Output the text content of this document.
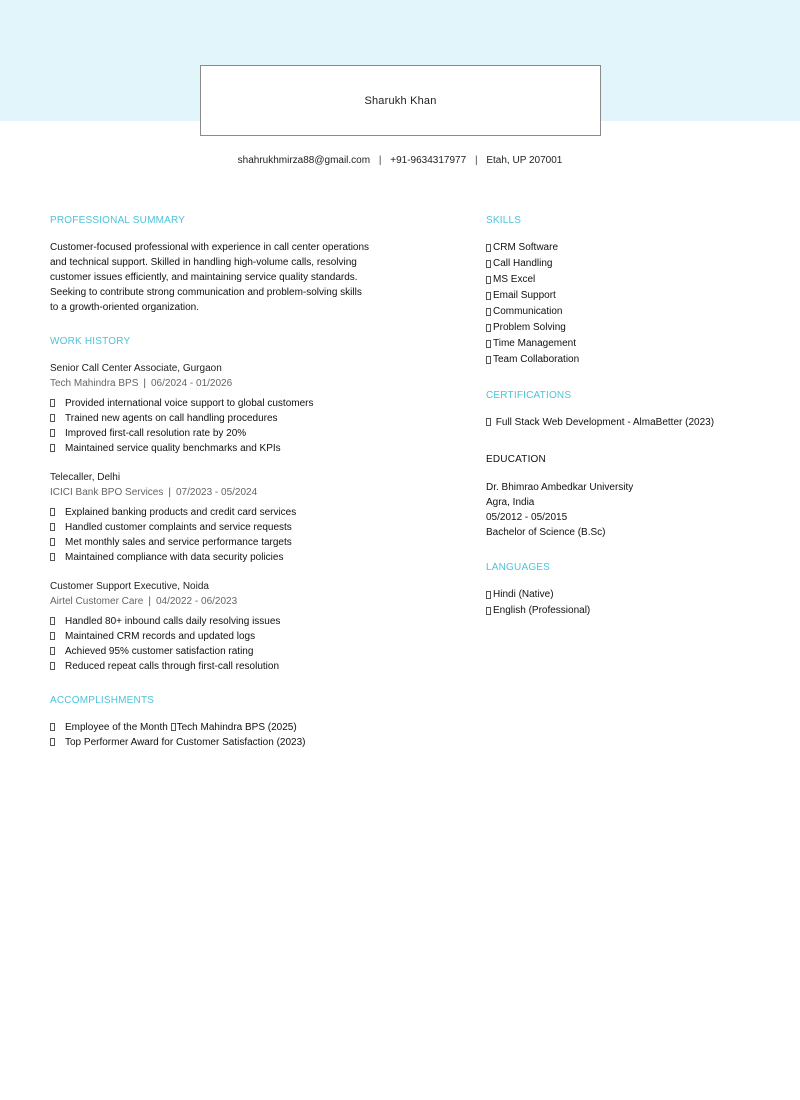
Sharukh Khan
shahrukhmirza88@gmail.com | +91-9634317977 | Etah, UP 207001
PROFESSIONAL SUMMARY
Customer-focused professional with experience in call center operations and technical support. Skilled in handling high-volume calls, resolving customer issues efficiently, and maintaining service quality standards. Seeking to contribute strong communication and problem-solving skills to a growth-oriented organization.
WORK HISTORY
Senior Call Center Associate, Gurgaon
Tech Mahindra BPS | 06/2024 - 01/2026
Provided international voice support to global customers
Trained new agents on call handling procedures
Improved first-call resolution rate by 20%
Maintained service quality benchmarks and KPIs
Telecaller, Delhi
ICICI Bank BPO Services | 07/2023 - 05/2024
Explained banking products and credit card services
Handled customer complaints and service requests
Met monthly sales and service performance targets
Maintained compliance with data security policies
Customer Support Executive, Noida
Airtel Customer Care | 04/2022 - 06/2023
Handled 80+ inbound calls daily resolving issues
Maintained CRM records and updated logs
Achieved 95% customer satisfaction rating
Reduced repeat calls through first-call resolution
ACCOMPLISHMENTS
Employee of the Month Tech Mahindra BPS (2025)
Top Performer Award for Customer Satisfaction (2023)
SKILLS
CRM Software
Call Handling
MS Excel
Email Support
Communication
Problem Solving
Time Management
Team Collaboration
CERTIFICATIONS
Full Stack Web Development - AlmaBetter (2023)
EDUCATION
Dr. Bhimrao Ambedkar University
Agra, India
05/2012 - 05/2015
Bachelor of Science (B.Sc)
LANGUAGES
Hindi (Native)
English (Professional)
